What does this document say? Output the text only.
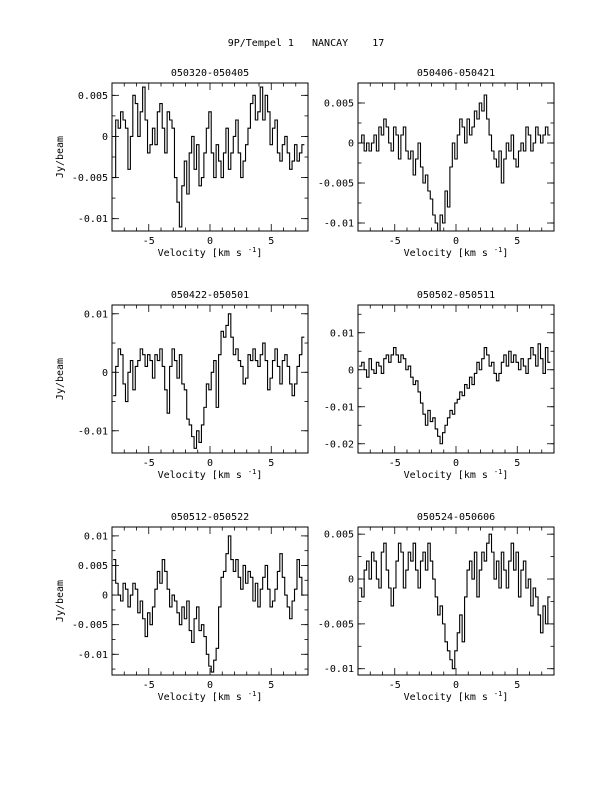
9P/Tempel 1   NANCAY    17
-5	0	5
0.005
0
-0.005
-0.01
050320-050405
Velocity [km s $^{-1}$]
Jy/beam
-5	0	5
0.005
0
-0.005
-0.01
050406-050421
Velocity [km s $^{-1}$]
-5	0	5
0.01
0
-0.01
050422-050501
Velocity [km s $^{-1}$]
Jy/beam
-5	0	5
0.01
0
-0.01
-0.02
050502-050511
Velocity [km s $^{-1}$]
-5	0	5
0.01
0.005
0
-0.005
-0.01
050512-050522
Velocity [km s $^{-1}$]
Jy/beam
-5	0	5
0.005
0
-0.005
-0.01
050524-050606
Velocity [km s $^{-1}$]
